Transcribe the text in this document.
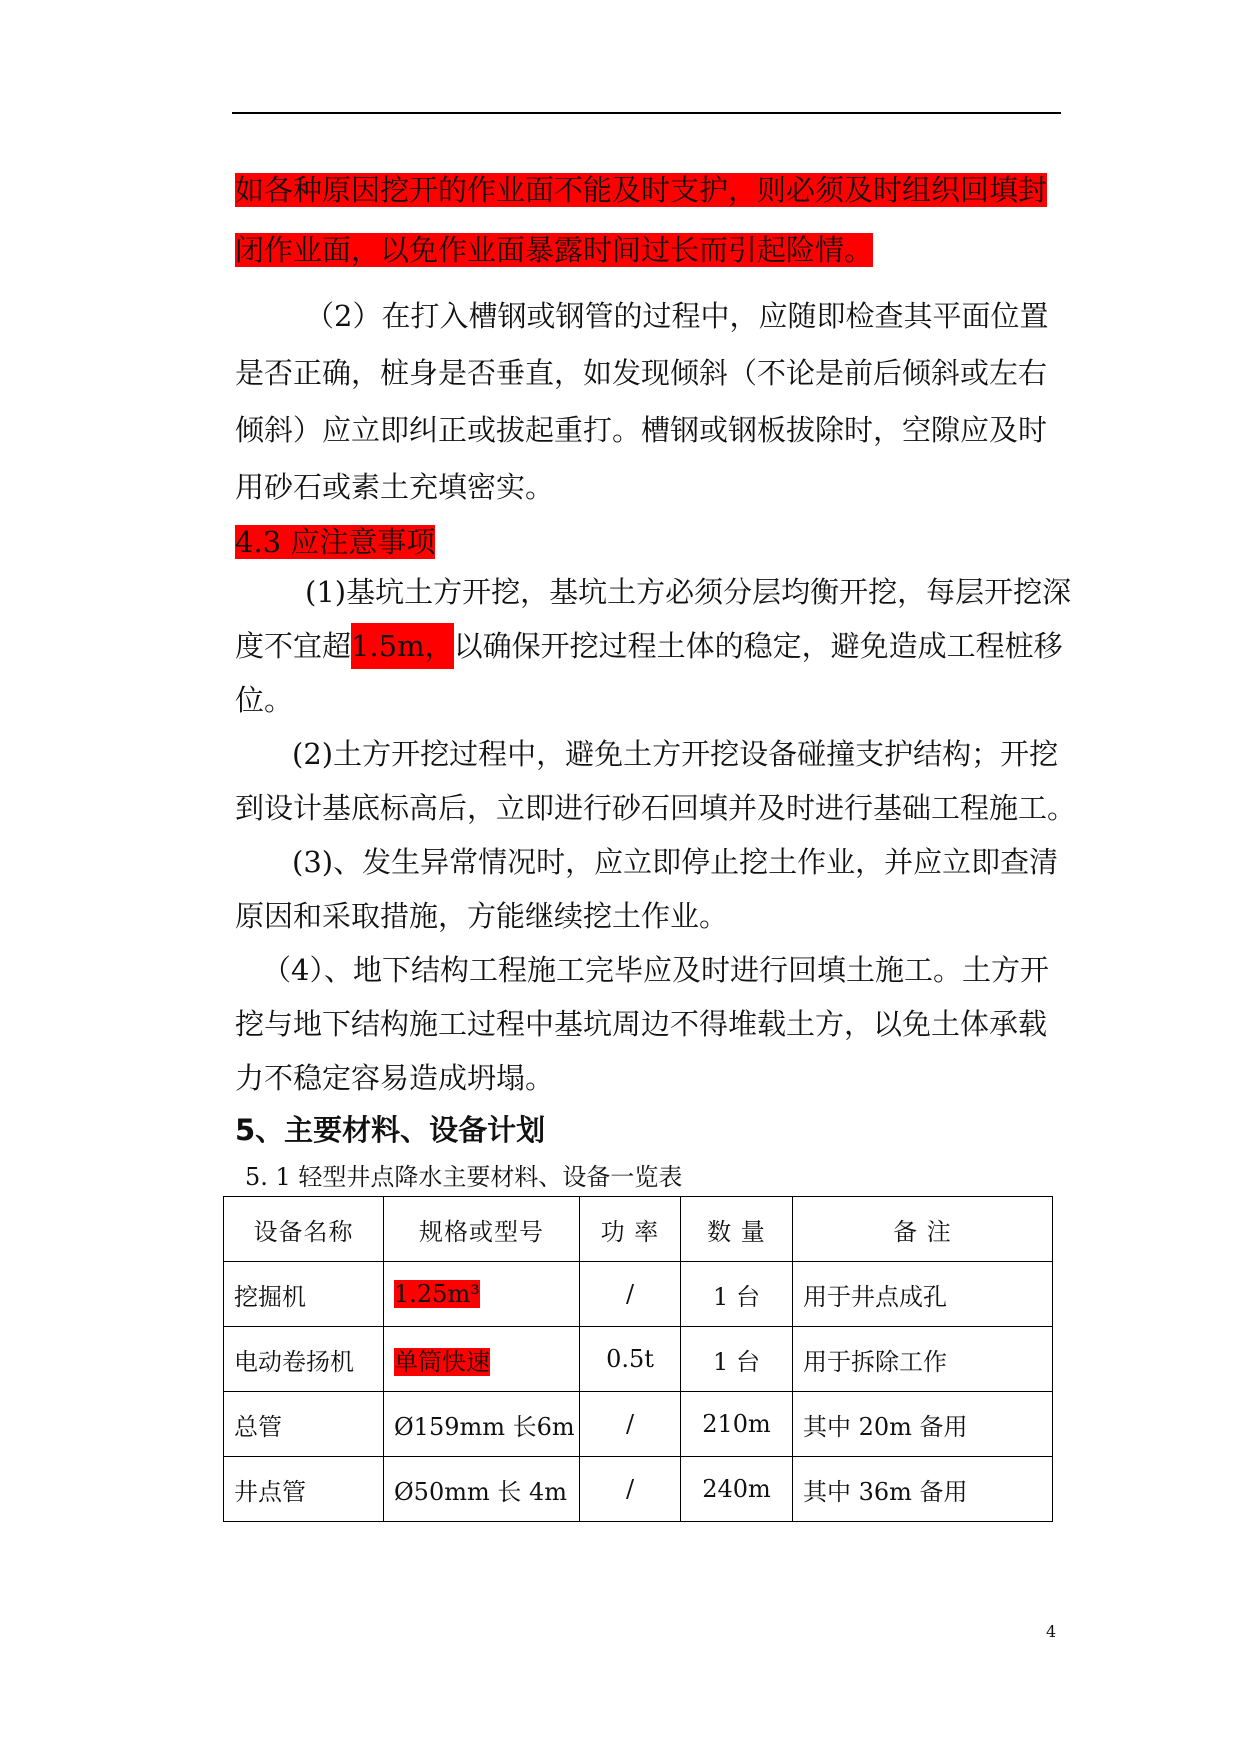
如各种原因挖开的作业面不能及时支护，则必须及时组织回填封
闭作业面，以免作业面暴露时间过长而引起险情。
（2）在打入槽钢或钢管的过程中，应随即检查其平面位置
是否正确，桩身是否垂直，如发现倾斜（不论是前后倾斜或左右
倾斜）应立即纠正或拔起重打。槽钢或钢板拔除时，空隙应及时
用砂石或素土充填密实。
4.3 应注意事项
(1)基坑土方开挖，基坑土方必须分层均衡开挖，每层开挖深
度不宜超1.5m，以确保开挖过程土体的稳定，避免造成工程桩移
位。
(2)土方开挖过程中，避免土方开挖设备碰撞支护结构；开挖
到设计基底标高后，立即进行砂石回填并及时进行基础工程施工。
(3)、发生异常情况时，应立即停止挖土作业，并应立即查清
原因和采取措施，方能继续挖土作业。
（4）、地下结构工程施工完毕应及时进行回填土施工。土方开
挖与地下结构施工过程中基坑周边不得堆载土方，以免土体承载
力不稳定容易造成坍塌。
5、主要材料、设备计划
5. 1 轻型井点降水主要材料、设备一览表
设备名称	规格或型号	功 率	数 量	备 注
挖掘机	1.25m³	/	1 台	用于井点成孔
电动卷扬机	单筒快速	0.5t	1 台	用于拆除工作
总管	Ø159mm 长6m	/	210m	其中 20m 备用
井点管	Ø50mm 长 4m	/	240m	其中 36m 备用
4
